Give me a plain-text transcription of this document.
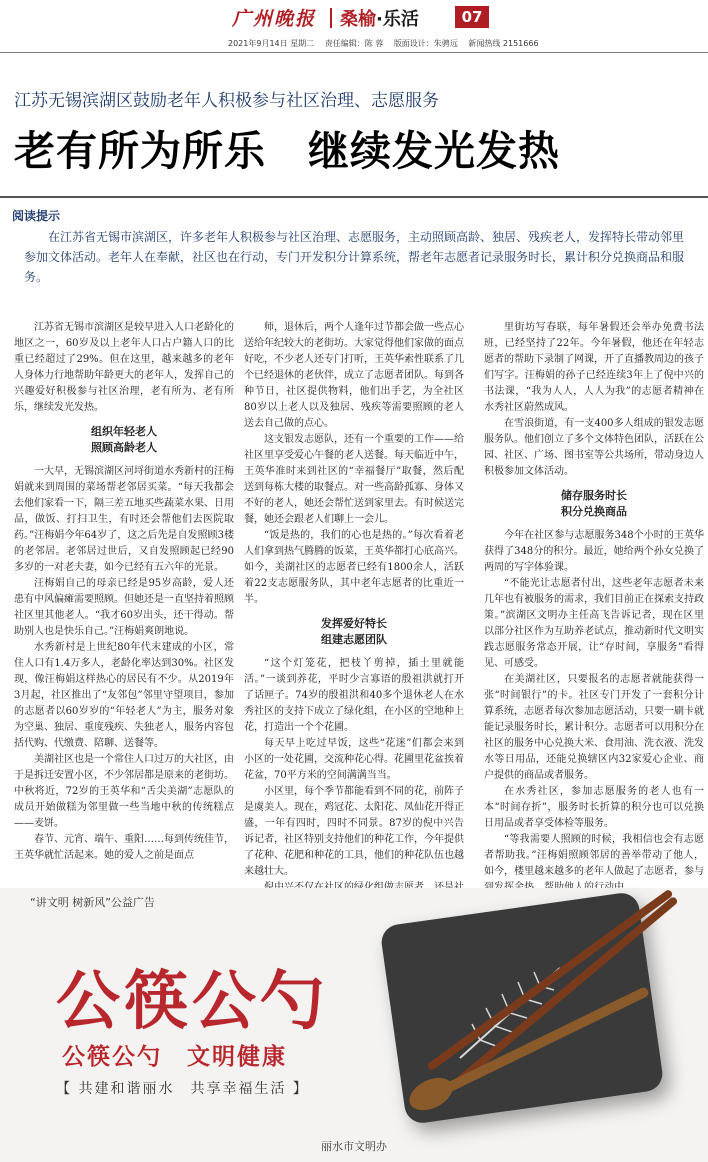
广州晚报 桑榆·乐活	07
2021年9月14日 星期二 责任编辑：陈 蓉 版面设计：朱骋远 新闻热线 2151666
江苏无锡滨湖区鼓励老年人积极参与社区治理、志愿服务
老有所为所乐　继续发光发热
阅读提示
在江苏省无锡市滨湖区，许多老年人积极参与社区治理、志愿服务，主动照顾高龄、独居、残疾老人，发挥特长带动邻里参加文体活动。老年人在奉献，社区也在行动，专门开发积分计算系统，帮老年志愿者记录服务时长，累计积分兑换商品和服务。

江苏省无锡市滨湖区是较早进入人口老龄化的地区之一，60岁及以上老年人口占户籍人口的比重已经超过了29%。但在这里，越来越多的老年人身体力行地帮助年龄更大的老年人，发挥自己的兴趣爱好积极参与社区治理，老有所为、老有所乐，继续发光发热。

组织年轻老人
照顾高龄老人

一大早，无锡滨湖区河埒街道水秀新村的汪梅娟就来到周围的菜场帮老邻居买菜。“每天我都会去他们家看一下，隔三差五地买些蔬菜水果、日用品，做饭、打扫卫生，有时还会帮他们去医院取药。”汪梅娟今年64岁了，这之后先是自发照顾3楼的老邻居。老邻居过世后，又自发照顾起已经90多岁的一对老夫妻，如今已经有五六年的光景。

汪梅娟自己的母亲已经是95岁高龄，爱人还患有中风偏瘫需要照顾。但她还是一直坚持着照顾社区里其他老人。“我才60岁出头，还干得动。帮助别人也是快乐自己。”汪梅娟爽朗地说。

水秀新村是上世纪80年代末建成的小区，常住人口有1.4万多人，老龄化率达到30%。社区发现，像汪梅娟这样热心的居民有不少。从2019年3月起，社区推出了“友邻包”邻里守望项目，参加的志愿者以60岁岁的“年轻老人”为主，服务对象为空巢、独居、重度残疾、失独老人，服务内容包括代购、代缴费、陪聊、送餐等。

美湖社区也是一个常住人口过万的大社区，由于是拆迁安置小区，不少邻居都是原来的老街坊。中秋将近，72岁的王英华和“舌尖美湖”志愿队的成员开始做糕为邻里做一些当地中秋的传统糕点——麦饼。

春节、元宵、端午、重阳……每到传统佳节，王英华就忙活起来。她的爱人之前是面点

师，退休后，两个人逢年过节都会做一些点心送给年纪较大的老街坊。大家觉得他们家做的面点好吃，不少老人还专门打听，王英华索性联系了几个已经退休的老伙伴，成立了志愿者团队。每到各种节日，社区提供物料，他们出手艺，为全社区80岁以上老人以及独居、残疾等需要照顾的老人送去自己做的点心。

这支银发志愿队，还有一个重要的工作——给社区里享受爱心午餐的老人送餐。每天临近中午，王英华准时来到社区的“幸福餐厅”取餐，然后配送到每栋大楼的取餐点。对一些高龄孤寡、身体又不好的老人，她还会帮忙送到家里去。有时候送完餐，她还会跟老人们聊上一会儿。

“饭是热的，我们的心也是热的。”每次看着老人们拿到热气腾腾的饭菜，王英华都打心底高兴。如今，美湖社区的志愿者已经有1800余人，活跃着22支志愿服务队，其中老年志愿者的比重近一半。

发挥爱好特长
组建志愿团队

“这个灯笼花，把枝丫剪掉，插土里就能活。”一谈到养花，平时少言寡语的殷祖洪就打开了话匣子。74岁的殷祖洪和40多个退休老人在水秀社区的支持下成立了绿化组，在小区的空地种上花，打造出一个个花圃。

每天早上吃过早饭，这些“花迷”们都会来到小区的一处花圃，交流种花心得。花圃里花盆挨着花盆，70平方米的空间满满当当。

小区里，每个季节都能看到不同的花，前阵子是虞美人。现在，鸡冠花、太阳花、凤仙花开得正盛，一年有四时，四时不同景。87岁的倪中兴告诉记者，社区特别支持他们的种花工作，今年提供了花种、花肥和种花的工具，他们的种花队伍也越来越壮大。

里街坊写春联，每年暑假还会举办免费书法班，已经坚持了22年。今年暑假，他还在年轻志愿者的帮助下录制了网课，开了直播教周边的孩子们写字。汪梅娟的孙子已经连续3年上了倪中兴的书法课，“我为人人，人人为我”的志愿者精神在水秀社区蔚然成风。

在雪浪街道，有一支400多人组成的银发志愿服务队。他们创立了多个文体特色团队，活跃在公园、社区、广场、图书室等公共场所，带动身边人积极参加文体活动。

储存服务时长
积分兑换商品

今年在社区参与志愿服务348个小时的王英华获得了348分的积分。最近，她给两个孙女兑换了两周的写字体验课。

“不能光让志愿者付出，这些老年志愿者未来几年也有被服务的需求，我们目前正在探索支持政策。”滨湖区文明办主任高飞告诉记者，现在区里以部分社区作为互助养老试点，推动新时代文明实践志愿服务常态开展，让“存时间，享服务”看得见、可感受。

在美湖社区，只要报名的志愿者就能获得一张“时间银行”的卡。社区专门开发了一套积分计算系统，志愿者每次参加志愿活动，只要一刷卡就能记录服务时长，累计积分。志愿者可以用积分在社区的服务中心兑换大米、食用油、洗衣液、洗发水等日用品，还能兑换辖区内32家爱心企业、商户提供的商品或者服务。

在水秀社区，参加志愿服务的老人也有一本“时间存折”，服务时长折算的积分也可以兑换日用品或者享受体检等服务。

“等我需要人照顾的时候，我相信也会有志愿者帮助我。”汪梅娟照顾邻居的善举带动了他人，如今，楼里越来越多的老年人做起了志愿者，参与

“讲文明 树新风”公益广告
公筷公勺
公筷公勺　文明健康
【 共建和谐丽水　共享幸福生活 】
丽水市文明办
